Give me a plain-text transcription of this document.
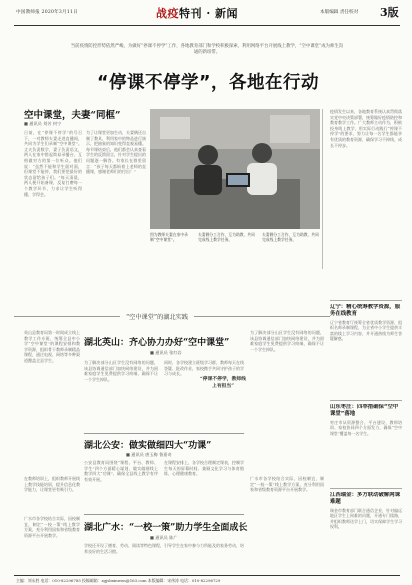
中国教师报 2020年3月11日	战疫特刊 · 新闻	本版编辑 责任校对 3版
当前疫情防控形势依然严峻，为做好“停课不停学”工作，各地教育部门和学校积极探索，利用网络平台开展线上教学，“空中课堂”成为师生沟通的新纽带。
“停课不停学”，各地在行动
空中课堂，夫妻“同框”
■ 通讯员 刘芳 何宁
日前，在“停课不停学”的号召下，一对教师夫妻走进直播间，共同为学生们录制“空中课堂”。丈夫负责数学，妻子负责语文，两人在家中搭起简易录播台，互相做对方的第一位听众。他们说：“虽然不能和学生面对面，但课堂不能停，我们要把最好的状态留给孩子们。”每天清晨，两人便开始备课，反复打磨每一个教学环节，力求让学生听得懂、学得会。
为了让课堂更加生动，夫妻俩还自制了教具，利用家中的物品进行演示，把抽象的知识变得直观易懂。每节课结束后，他们都会认真查看学生的反馈留言，针对学生提出的问题逐一解答。有家长在群里留言：“孩子每天都盼着上老师的直播课，感谢老师们的付出！”
图为教师夫妻在家中录制“空中课堂”。
夫妻俩分工合作，互为助教，共同完成线上教学任务。
夫妻俩分工合作，互为助教，共同完成线上教学任务。
疫情发生以来，各地教育系统认真贯彻落实党中央决策部署，统筹做好疫情防控和教育教学工作。广大教师主动作为，积极投身线上教学，用实际行动践行“停课不停学”的要求，努力让每一名学生都能享有优质的教育资源，确保学习不掉线、成长不停步。
“空中课堂”的湖北实践
湖北英山：齐心协力办好“空中课堂”
■ 通讯员 张红岩
英山县教育局第一时间成立线上教学工作专班，统筹全县中小学“空中课堂”的课程安排和教学资源，组织骨干教师录制精品课程，通过电视、网络等多种渠道覆盖全县学生。	为了解决部分山区学生没有网络的问题，该县协调通信部门加快网络建设，并为困难家庭学生免费提供学习终端，确保不让一个学生掉队。
同时，各学校建立班级学习群，教师每天在线答疑、批改作业，家校携手共同守护孩子的学习与成长。
“停课不停学，教师线上有担当”
为了解决部分山区学生没有网络的问题，该县协调通信部门加快网络建设，并为困难家庭学生免费提供学习终端，确保不让一个学生掉队。
湖北公安：做实做细四大“功课”
■ 通讯员 唐玉梅 鲁嘉奇
公安县教育局围绕“课程、平台、教师、学生”四个方面精心谋划，做实做细线上教学四大“功课”，确保全县线上教学有序有效开展。
在课程安排上，各学校合理制定课表，控制学生每天的屏幕时间，兼顾文化学习与体育锻炼、心理健康教育。
在教师培训上，组织教师开展线上教学技能培训，提升信息化教学能力，让课堂更有吸引力。
湖北广水：“一校一策”助力学生全面成长
■ 通讯员 陈广
广水市各学校结合实际，因校制宜，制定“一校一策”线上教学方案，充分利用国家和省级教育资源平台开展教学。
学校还开设了德育、劳动、阅读等特色课程，引导学生在家中参与力所能及的家务劳动，培养良好的生活习惯。
广水市各学校结合实际，因校制宜，制定“一校一策”线上教学方案，充分利用国家和省级教育资源平台开展教学。
辽宁：精心统筹教学资源，服务在线教育
辽宁省教育厅统筹全省优质教学资源，组织名师录制课程，为全省中小学生提供丰富的线上学习内容，并开通热线为师生答疑解惑。
山东枣庄：四举措确保“空中课堂”落地
枣庄市从资源整合、平台建设、教师培训、家校协同四个方面发力，确保“空中课堂”覆盖每一名学生。
江西瑞金：多方联动破解网课难题
瑞金市教育部门联合通信企业，针对偏远地区学生上网难的问题，开通专门线路，并组织教师送学上门，切实保障学生学习权利。
主编：刘永胜 电话：010-82296785 投稿邮箱：zgjsbxinwen@163.com 本版编辑：宋伟涛 电话：010-82296729
